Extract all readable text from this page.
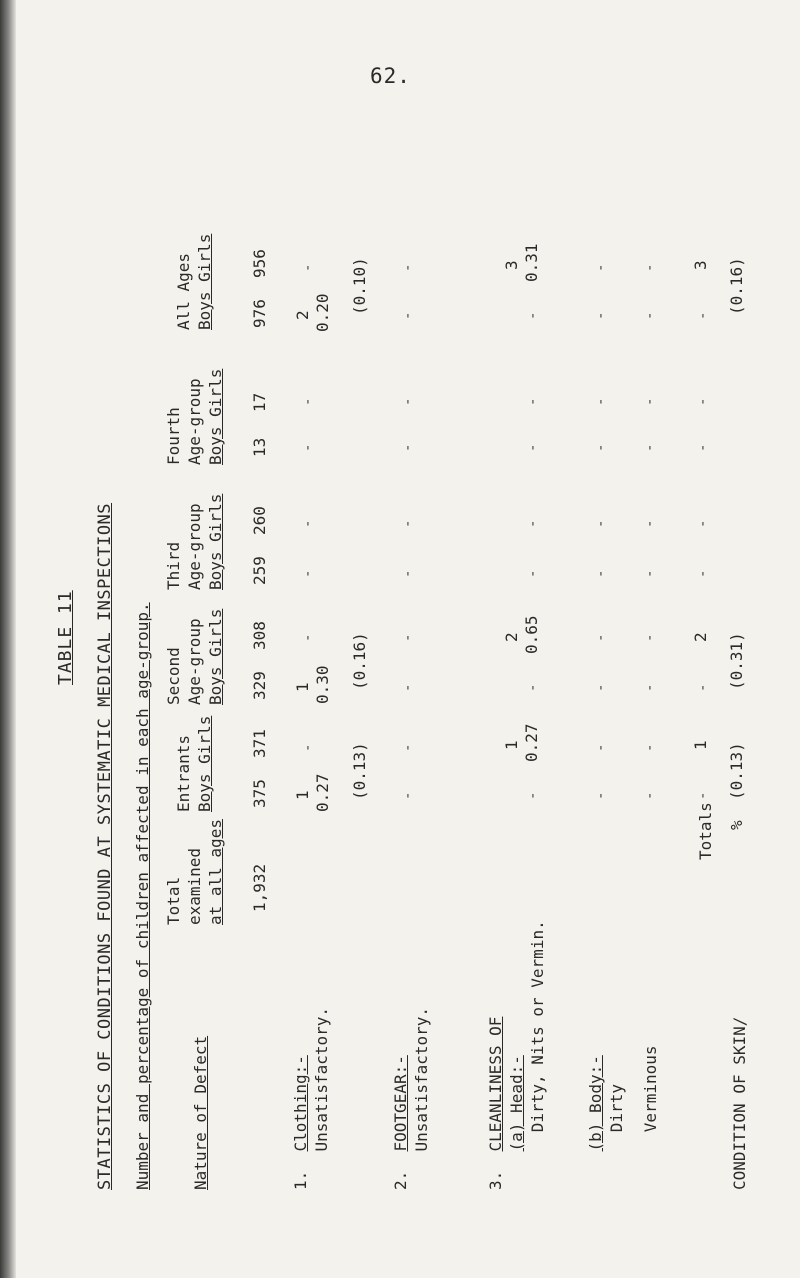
62.
TABLE 11 STATISTICS OF CONDITIONS FOUND AT SYSTEMATIC MEDICAL INSPECTIONS Number and percentage of children affected in each age-group. Nature of Defect
Total examined at all ages
Entrants Boys Girls
Second Age-group Boys Girls
Third Age-group Boys Girls
Fourth Age-group Boys Girls
All Ages Boys Girls
1,932
375
371
329
308
259
260
13
17
976
956
1.  Clothing:- Unsatisfactory.
1 0.27
-
1 0.30
-
-
-
-
-
2 0.20
-
(0.13)
(0.16)
(0.10)
2.  FOOTGEAR:- Unsatisfactory.
-
-
-
-
-
-
-
-
-
-
3.  CLEANLINESS OF (a) Head:- Dirty, Nits or Vermin.
-
1 0.27
-
2 0.65
-
-
-
-
-
3 0.31
(b) Body:- Dirty
-
-
-
-
-
-
-
-
-
-
Verminous
-
-
-
-
-
-
-
-
-
-
Totals
-
1
-
2
-
-
-
-
-
3
%
(0.13)
(0.31)
(0.16)
CONDITION OF SKIN/
